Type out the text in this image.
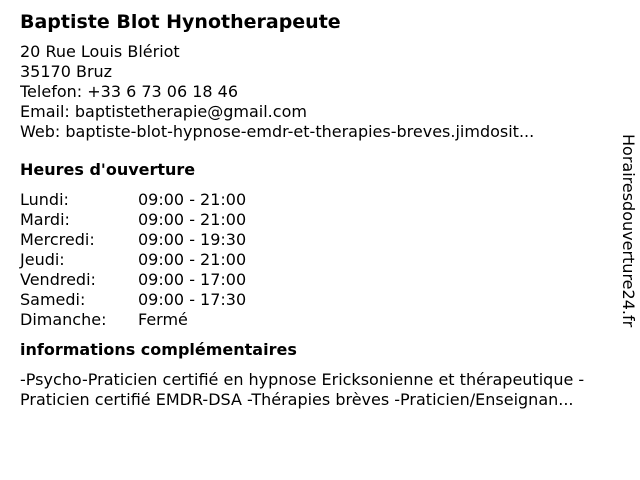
Baptiste Blot Hynotherapeute
20 Rue Louis Blériot
35170 Bruz
Telefon: +33 6 73 06 18 46
Email: baptistetherapie@gmail.com
Web: baptiste-blot-hypnose-emdr-et-therapies-breves.jimdosit...
Heures d'ouverture
Lundi:	09:00 - 21:00
Mardi:	09:00 - 21:00
Mercredi:	09:00 - 19:30
Jeudi:	09:00 - 21:00
Vendredi:	09:00 - 17:00
Samedi:	09:00 - 17:30
Dimanche:	Fermé
informations complémentaires
-Psycho-Praticien certifié en hypnose Ericksonienne et thérapeutique -
Praticien certifié EMDR-DSA -Thérapies brèves -Praticien/Enseignan...
Horairesdouverture24.fr
